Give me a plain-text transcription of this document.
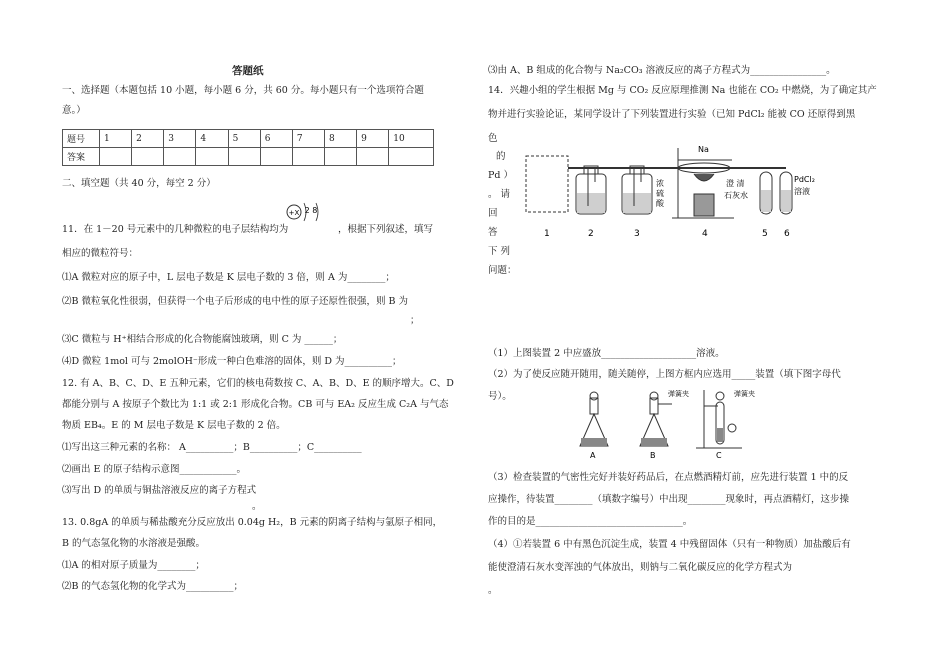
答题纸
一、选择题（本题包括 10 小题，每小题 6 分，共 60 分。每小题只有一个选项符合题
意。）
题号	1	2	3	4	5	6	7	8	9	10
答案										
二、填空题（共 40 分，每空 2 分）
+X 2 8
11．在 1－20 号元素中的几种微粒的电子层结构均为	，根据下列叙述，填写
相应的微粒符号：
⑴A 微粒对应的原子中，L 层电子数是 K 层电子数的 3 倍，则 A 为________；
⑵B 微粒氧化性很弱，但获得一个电子后形成的电中性的原子还原性很强，则 B 为
；
⑶C 微粒与 H⁺相结合形成的化合物能腐蚀玻璃，则 C 为 ______；
⑷D 微粒 1mol 可与 2molOH⁻形成一种白色难溶的固体，则 D 为__________；
12. 有 A、B、C、D、E 五种元素，它们的核电荷数按 C、A、B、D、E 的顺序增大。C、D
都能分别与 A 按原子个数比为 1:1 或 2:1 形成化合物。CB 可与 EA₂ 反应生成 C₂A 与气态
物质 EB₄。E 的 M 层电子数是 K 层电子数的 2 倍。
⑴写出这三种元素的名称： A__________；B__________；C__________
⑵画出 E 的原子结构示意图____________。
⑶写出 D 的单质与铜盐溶液反应的离子方程式
。
13. 0.8gA 的单质与稀盐酸充分反应放出 0.04g H₂，B 元素的阴离子结构与氩原子相同，
B 的气态氢化物的水溶液是强酸。
⑴A 的相对原子质量为________；
⑵B 的气态氢化物的化学式为__________；
⑶由 A、B 组成的化合物与 Na₂CO₃ 溶液反应的离子方程式为________________。
14．兴趣小组的学生根据 Mg 与 CO₂ 反应原理推测 Na 也能在 CO₂ 中燃烧，为了确定其产
物并进行实验论证，某同学设计了下列装置进行实验（已知 PdCl₂ 能被 CO 还原得到黑
色
的
Pd ）
。 请
回
答
下 列
问题：
浓
硫
酸
Na
澄 清
石灰水
PdCl₂
溶液
1	2	3	4	5 6
（1）上图装置 2 中应盛放____________________溶液。
（2）为了使反应随开随用，随关随停，上图方框内应选用_____装置（填下图字母代
号）。
A
弹簧夹
B
弹簧夹
C
（3）检查装置的气密性完好并装好药品后，在点燃酒精灯前，应先进行装置 1 中的反
应操作，待装置________（填数字编号）中出现________现象时，再点酒精灯，这步操
作的目的是_______________________________。
（4）①若装置 6 中有黑色沉淀生成，装置 4 中残留固体（只有一种物质）加盐酸后有
能使澄清石灰水变浑浊的气体放出，则钠与二氧化碳反应的化学方程式为
。
